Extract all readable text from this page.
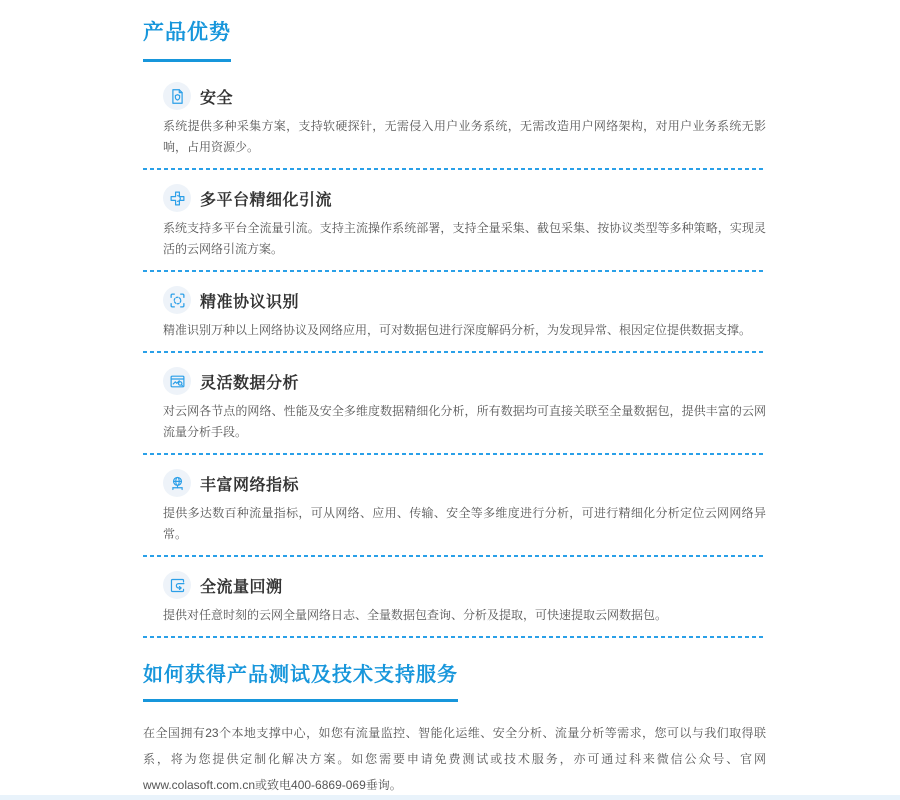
产品优势
安全

系统提供多种采集方案，支持软硬探针，无需侵入用户业务系统，无需改造用户网络架构，对用户业务系统无影响，占用资源少。

多平台精细化引流

系统支持多平台全流量引流。支持主流操作系统部署，支持全量采集、截包采集、按协议类型等多种策略，实现灵活的云网络引流方案。

精准协议识别

精准识别万种以上网络协议及网络应用，可对数据包进行深度解码分析，为发现异常、根因定位提供数据支撑。

灵活数据分析

对云网各节点的网络、性能及安全多维度数据精细化分析，所有数据均可直接关联至全量数据包，提供丰富的云网流量分析手段。

丰富网络指标

提供多达数百种流量指标，可从网络、应用、传输、安全等多维度进行分析，可进行精细化分析定位云网网络异常。

全流量回溯

提供对任意时刻的云网全量网络日志、全量数据包查询、分析及提取，可快速提取云网数据包。

如何获得产品测试及技术支持服务

在全国拥有23个本地支撑中心，如您有流量监控、智能化运维、安全分析、流量分析等需求，您可以与我们取得联系，将为您提供定制化解决方案。如您需要申请免费测试或技术服务，亦可通过科来微信公众号、官网www.colasoft.com.cn或致电400-6869-069垂询。
